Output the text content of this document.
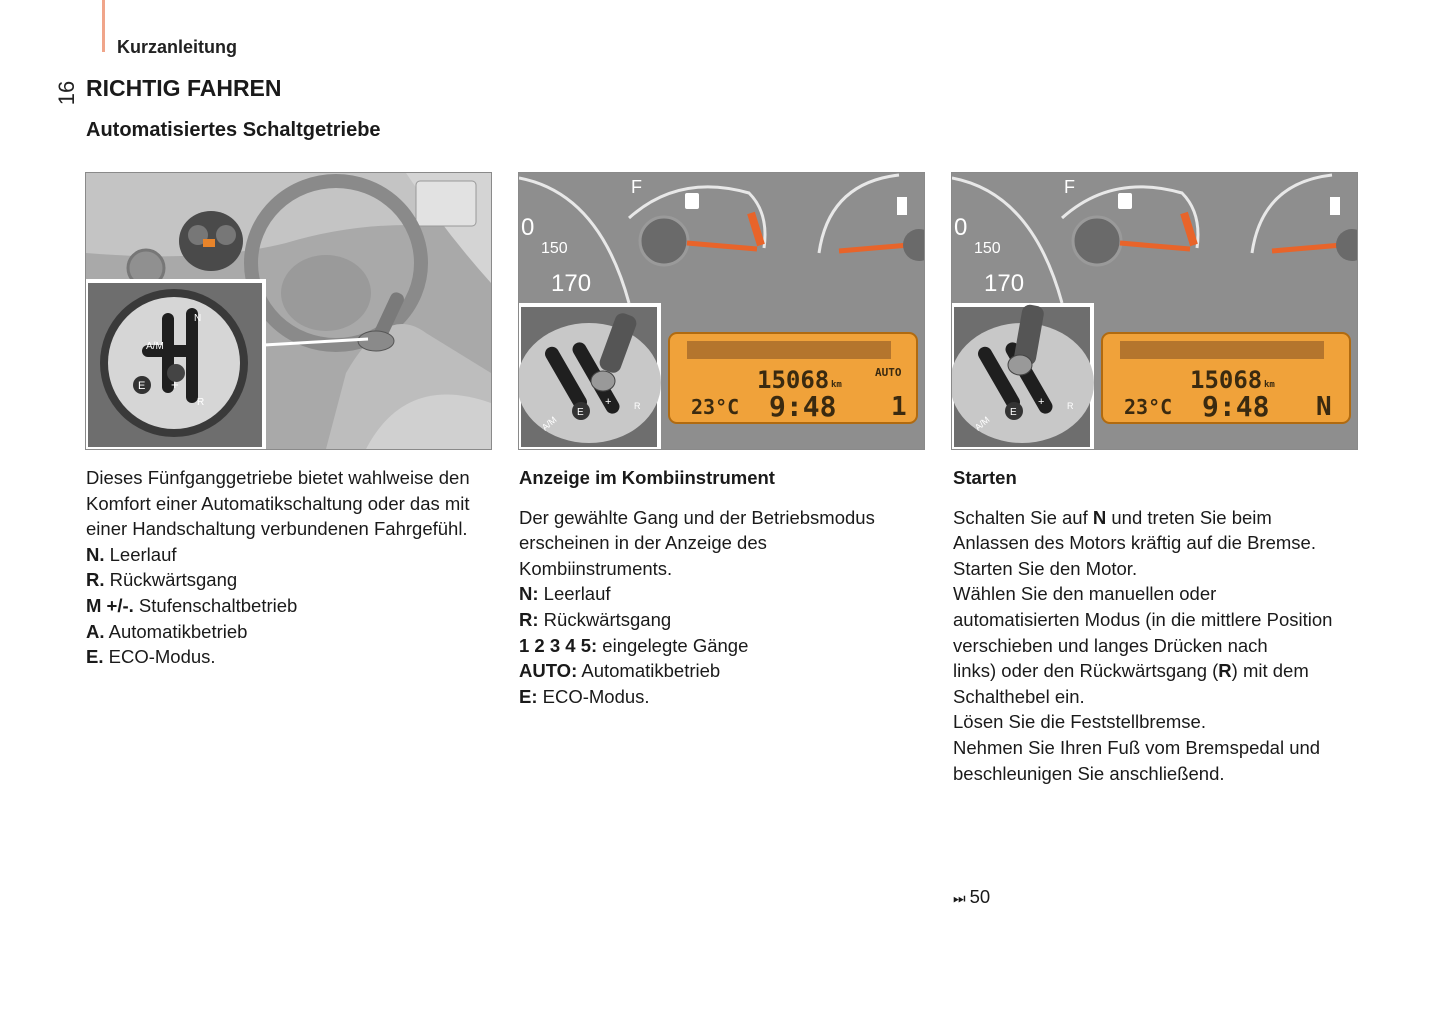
Kurzanleitung
16 RICHTIG FAHREN
Automatisiertes Schaltgetriebe
A/M
N
E +
R
0
150
170
F
A/M
E
+	R
15068 km
AUTO
23°C 9:48 1
0
150
170
F
A/M
E
+	R
15068 km
23°C 9:48 N

Dieses Fünfganggetriebe bietet wahlweise den

Komfort einer Automatikschaltung oder das mit

einer Handschaltung verbundenen Fahrgefühl.

N. Leerlauf

R. Rückwärtsgang

M +/-. Stufenschaltbetrieb

A. Automatikbetrieb

E. ECO-Modus.

Anzeige im Kombiinstrument

Der gewählte Gang und der Betriebsmodus

erscheinen in der Anzeige des

Kombiinstruments.

N: Leerlauf

R: Rückwärtsgang

1 2 3 4 5: eingelegte Gänge

AUTO: Automatikbetrieb

E: ECO-Modus.

Starten

Schalten Sie auf N und treten Sie beim

Anlassen des Motors kräftig auf die Bremse.

Starten Sie den Motor.

Wählen Sie den manuellen oder

automatisierten Modus (in die mittlere Position

verschieben und langes Drücken nach

links) oder den Rückwärtsgang (R) mit dem

Schalthebel ein.

Lösen Sie die Feststellbremse.

Nehmen Sie Ihren Fuß vom Bremspedal und

beschleunigen Sie anschließend.

⏭ 50
